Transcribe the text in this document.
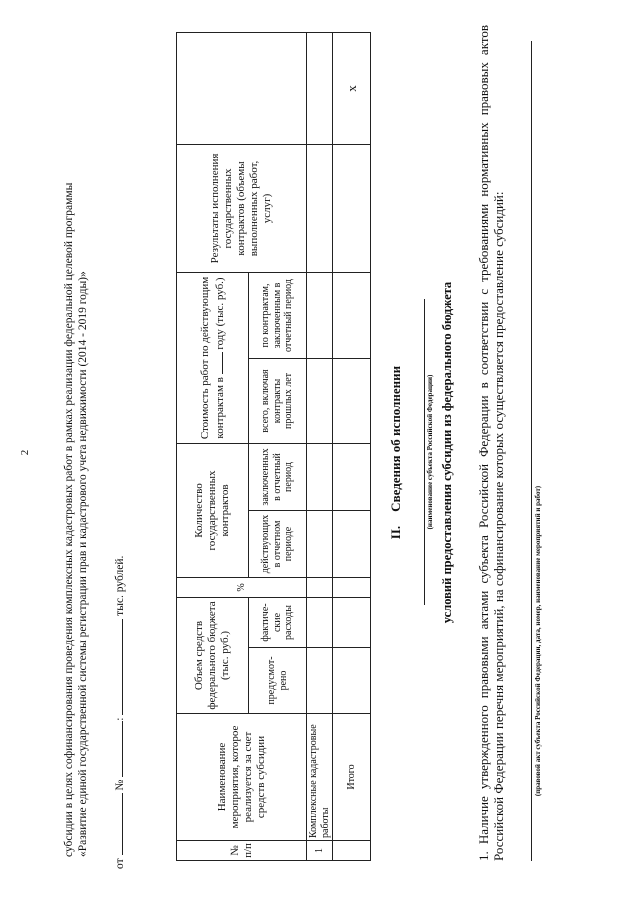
2	субсидии в целях софинансирования проведения комплексных кадастровых работ в рамках реализации федеральной целевой программы «Развитие единой государственной системы регистрации прав и кадастрового учета недвижимости (2014 - 2019 годы)»
от  № :  тыс. рублей.
№ п/п	Наименование мероприятия, которое реализуется за счет средств субсидии	Объем средств федерального бюджета (тыс. руб.)		%	Количество государственных контрактов		Стоимость работ по действующим контрактам в  году (тыс. руб.)		Результаты исполнения государственных контрактов (объемы выполненных работ, услуг)	
		предусмот-рено	фактиче-ские расходы		действующих в отчетном периоде	заключенных в отчетный период	всего, включая контракты прошлых лет	по контрактам, заключенным в отчетный период		
1	Комплексные кадастровые работы									
	Итого									x
II.Сведения об исполнении	(наименование субъекта Российской Федерации) условий предоставления субсидии из федерального бюджета 1. Наличие утвержденного правовыми актами субъекта Российской Федерации в соответствии с требованиями нормативных правовых актов Российской Федерации перечня мероприятий, на софинансирование которых осуществляется предоставление субсидий:	(правовой акт субъекта Российской Федерации, дата, номер, наименование мероприятий и работ)
